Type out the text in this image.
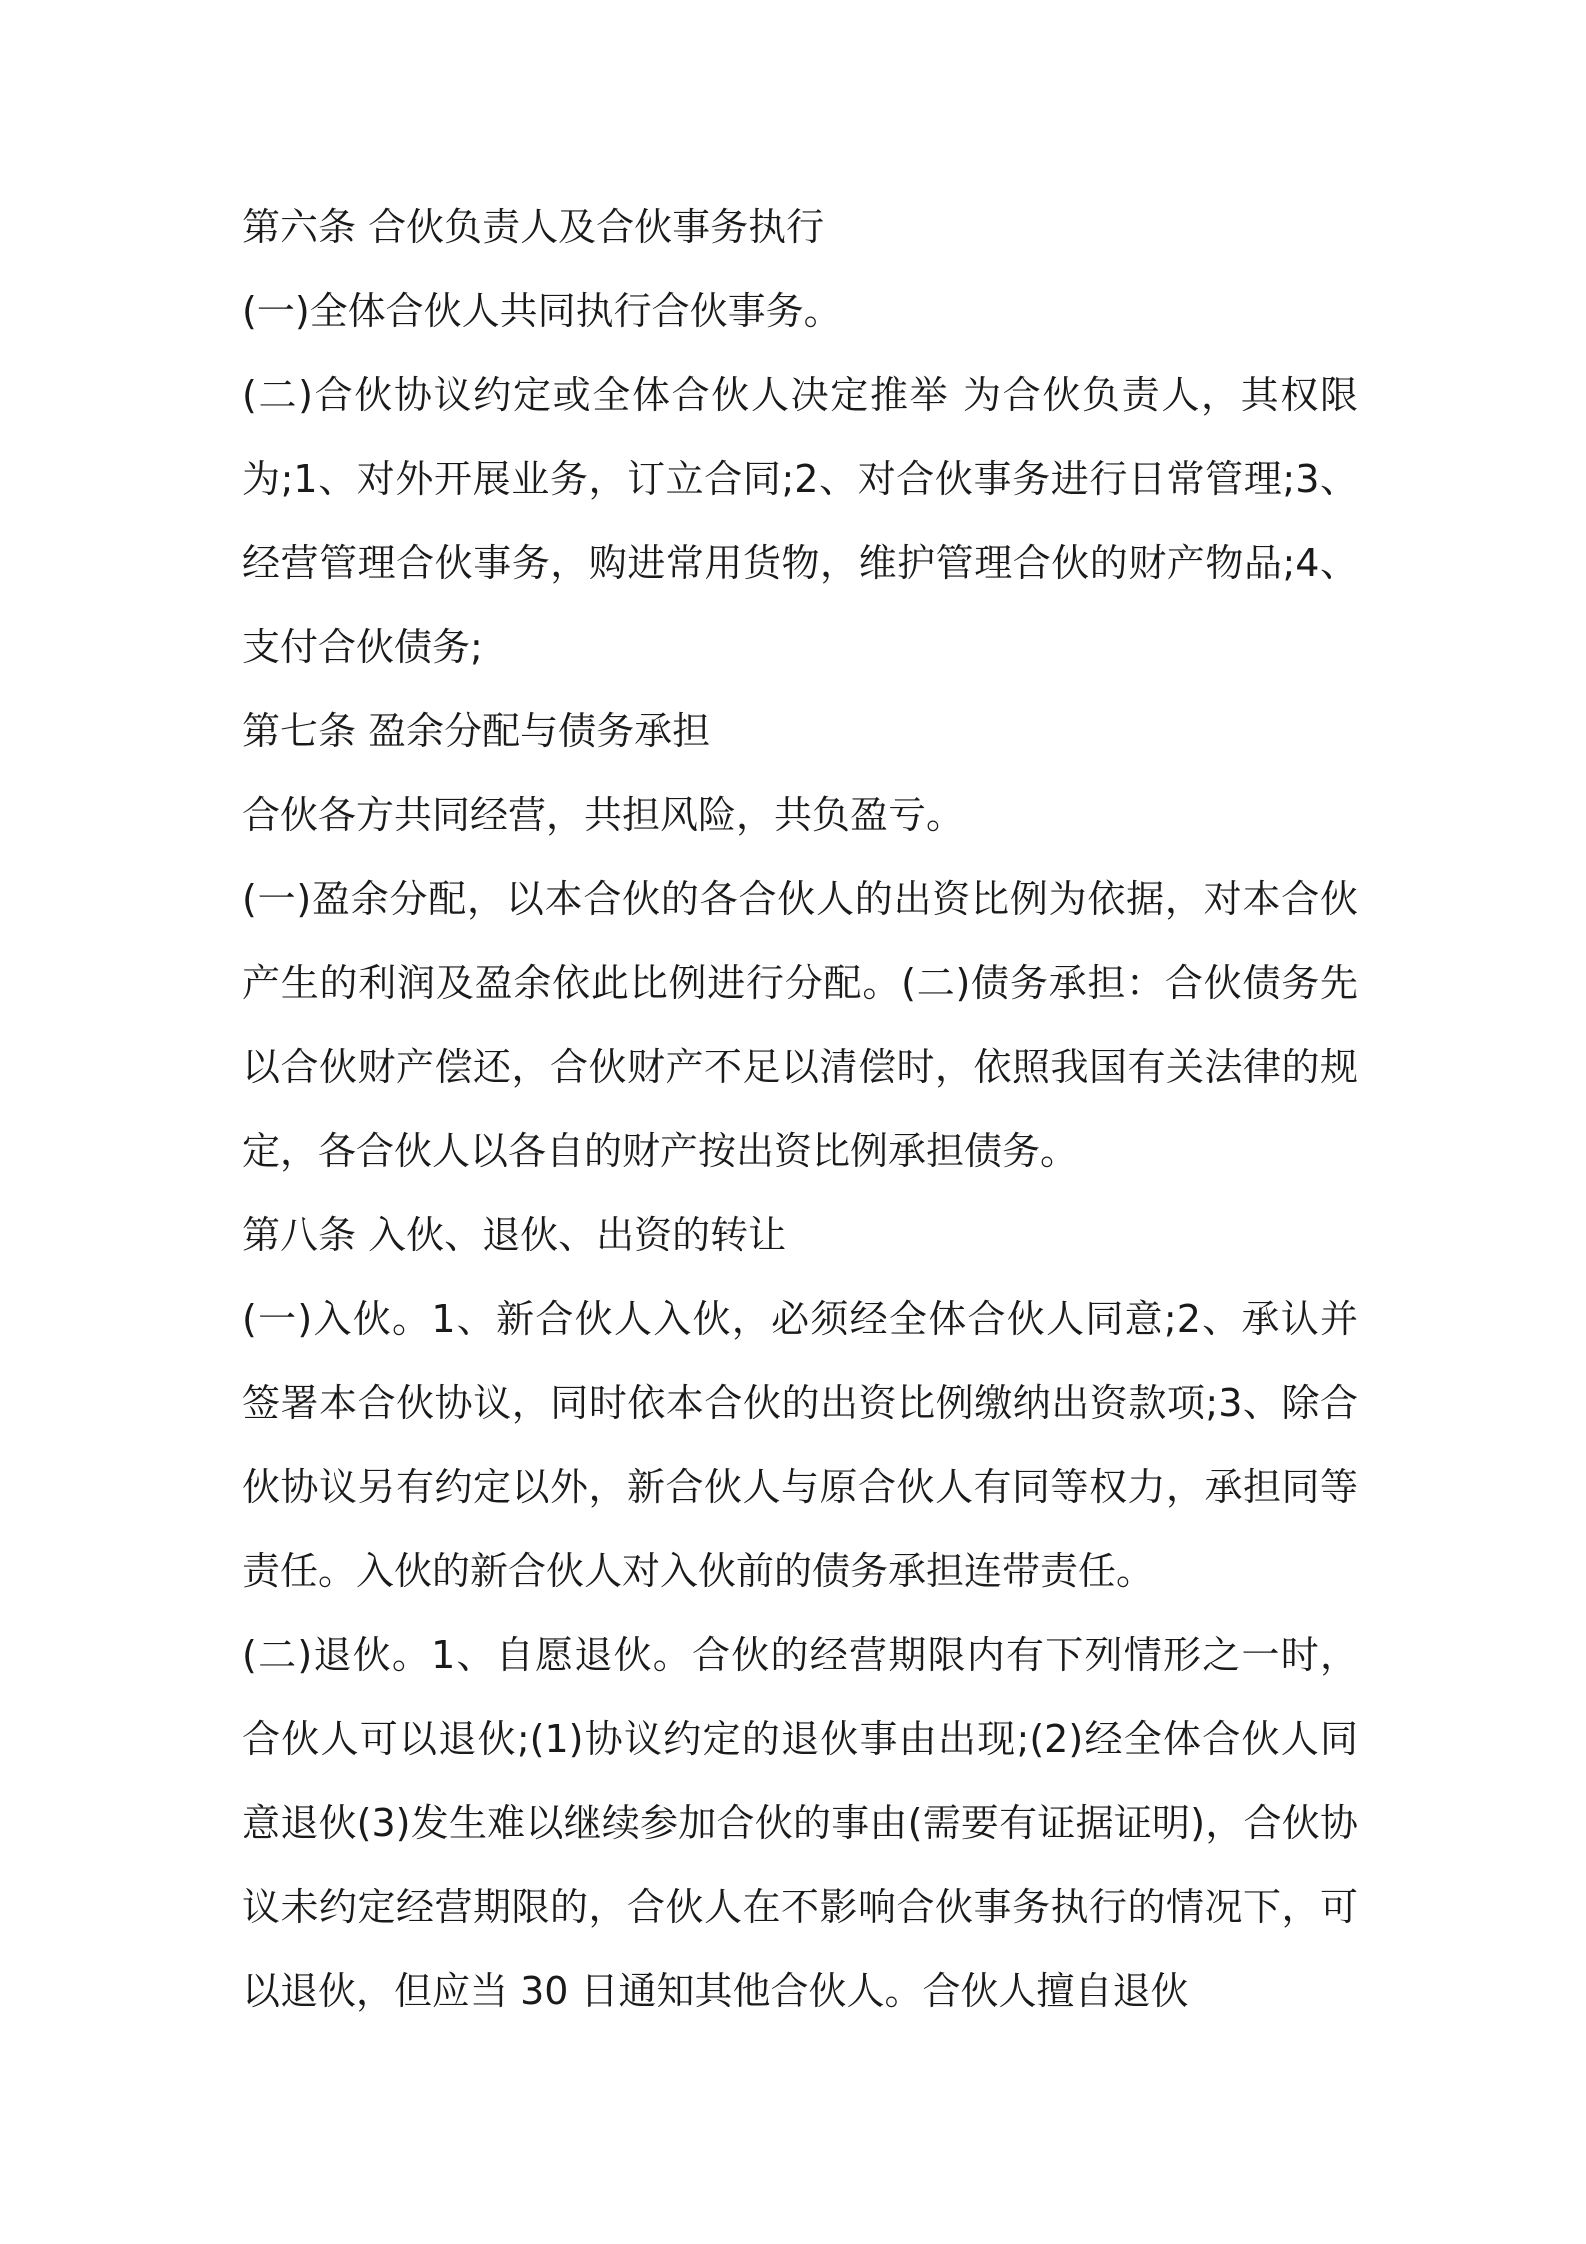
第六条 合伙负责人及合伙事务执行

(一)全体合伙人共同执行合伙事务。

(二)合伙协议约定或全体合伙人决定推举 为合伙负责人，其权限为;1、对外开展业务，订立合同;2、对合伙事务进行日常管理;3、经营管理合伙事务，购进常用货物，维护管理合伙的财产物品;4、支付合伙债务;

第七条 盈余分配与债务承担

合伙各方共同经营，共担风险，共负盈亏。

(一)盈余分配，以本合伙的各合伙人的出资比例为依据，对本合伙产生的利润及盈余依此比例进行分配。(二)债务承担：合伙债务先以合伙财产偿还，合伙财产不足以清偿时，依照我国有关法律的规定，各合伙人以各自的财产按出资比例承担债务。

第八条 入伙、退伙、出资的转让

(一)入伙。1、新合伙人入伙，必须经全体合伙人同意;2、承认并签署本合伙协议，同时依本合伙的出资比例缴纳出资款项;3、除合伙协议另有约定以外，新合伙人与原合伙人有同等权力，承担同等责任。入伙的新合伙人对入伙前的债务承担连带责任。

(二)退伙。1、自愿退伙。合伙的经营期限内有下列情形之一时，合伙人可以退伙;(1)协议约定的退伙事由出现;(2)经全体合伙人同意退伙(3)发生难以继续参加合伙的事由(需要有证据证明)，合伙协议未约定经营期限的，合伙人在不影响合伙事务执行的情况下，可以退伙，但应当 30 日通知其他合伙人。合伙人擅自退伙
